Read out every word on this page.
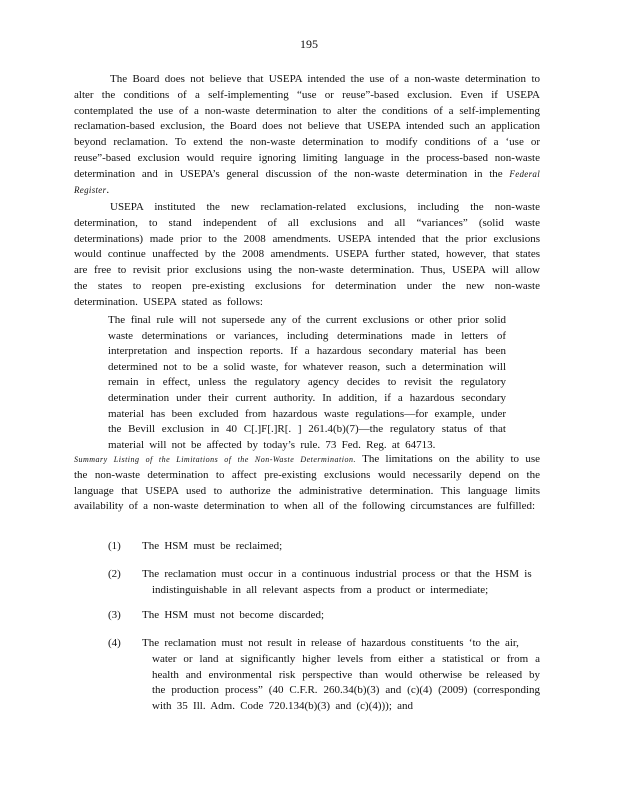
195

The Board does not believe that USEPA intended the use of a non-waste determination to alter the conditions of a self-implementing “use or reuse”-based exclusion. Even if USEPA contemplated the use of a non-waste determination to alter the conditions of a self-implementing reclamation-based exclusion, the Board does not believe that USEPA intended such an application beyond reclamation. To extend the non-waste determination to modify conditions of a ‘use or reuse”-based exclusion would require ignoring limiting language in the process-based non-waste determination and in USEPA’s general discussion of the non-waste determination in the Federal Register.

USEPA instituted the new reclamation-related exclusions, including the non-waste determination, to stand independent of all exclusions and all “variances” (solid waste determinations) made prior to the 2008 amendments. USEPA intended that the prior exclusions would continue unaffected by the 2008 amendments. USEPA further stated, however, that states are free to revisit prior exclusions using the non-waste determination. Thus, USEPA will allow the states to reopen pre-existing exclusions for determination under the new non-waste determination. USEPA stated as follows:

The final rule will not supersede any of the current exclusions or other prior solid waste determinations or variances, including determinations made in letters of interpretation and inspection reports. If a hazardous secondary material has been determined not to be a solid waste, for whatever reason, such a determination will remain in effect, unless the regulatory agency decides to revisit the regulatory determination under their current authority. In addition, if a hazardous secondary material has been excluded from hazardous waste regulations—for example, under the Bevill exclusion in 40 C[.]F[.]R[. ] 261.4(b)(7)—the regulatory status of that material will not be affected by today’s rule. 73 Fed. Reg. at 64713.

Summary Listing of the Limitations of the Non-Waste Determination. The limitations on the ability to use the non-waste determination to affect pre-existing exclusions would necessarily depend on the language that USEPA used to authorize the administrative determination. This language limits availability of a non-waste determination to when all of the following circumstances are fulfilled:

(1)	The HSM must be reclaimed;
(2)	The reclamation must occur in a continuous industrial process or that the HSM is
indistinguishable in all relevant aspects from a product or intermediate;
(3)	The HSM must not become discarded;
(4)	The reclamation must not result in release of hazardous constituents ‘to the air,
water or land at significantly higher levels from either a statistical or from a health and environmental risk perspective than would otherwise be released by the production process” (40 C.F.R. 260.34(b)(3) and (c)(4) (2009) (corresponding with 35 Ill. Adm. Code 720.134(b)(3) and (c)(4))); and
